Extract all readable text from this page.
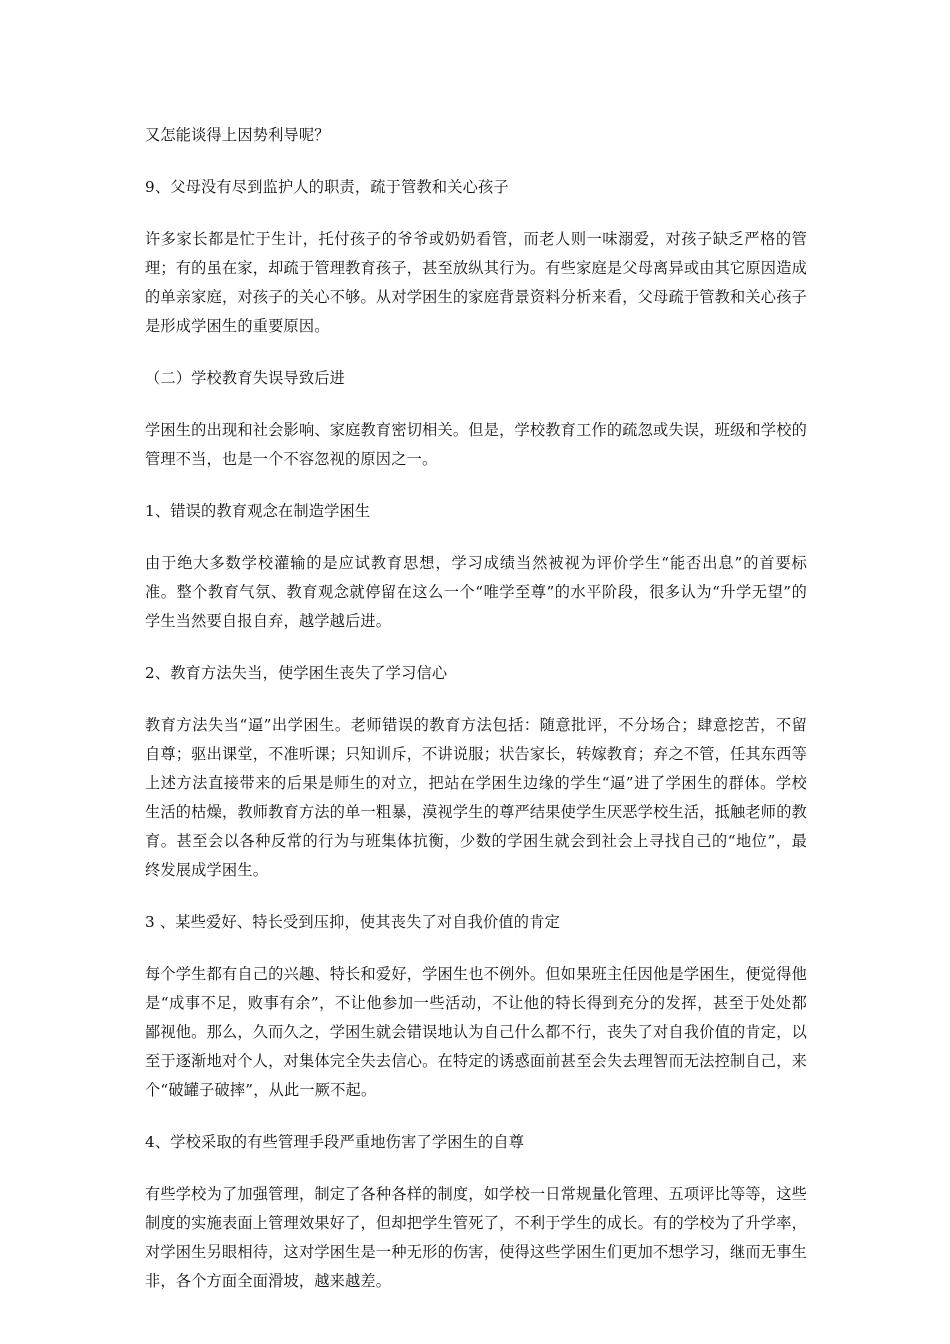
又怎能谈得上因势利导呢？

9、父母没有尽到监护人的职责，疏于管教和关心孩子

许多家长都是忙于生计，托付孩子的爷爷或奶奶看管，而老人则一味溺爱，对孩子缺乏严格的管理；有的虽在家，却疏于管理教育孩子，甚至放纵其行为。有些家庭是父母离异或由其它原因造成的单亲家庭，对孩子的关心不够。从对学困生的家庭背景资料分析来看，父母疏于管教和关心孩子是形成学困生的重要原因。

（二）学校教育失误导致后进

学困生的出现和社会影响、家庭教育密切相关。但是，学校教育工作的疏忽或失误，班级和学校的管理不当，也是一个不容忽视的原因之一。

1、错误的教育观念在制造学困生

由于绝大多数学校灌输的是应试教育思想，学习成绩当然被视为评价学生“能否出息”的首要标准。整个教育气氛、教育观念就停留在这么一个“唯学至尊”的水平阶段，很多认为“升学无望”的学生当然要自报自弃，越学越后进。

2、教育方法失当，使学困生丧失了学习信心

教育方法失当“逼”出学困生。老师错误的教育方法包括：随意批评，不分场合；肆意挖苦，不留自尊；驱出课堂，不准听课；只知训斥，不讲说服；状告家长，转嫁教育；弃之不管，任其东西等上述方法直接带来的后果是师生的对立，把站在学困生边缘的学生“逼”进了学困生的群体。学校生活的枯燥，教师教育方法的单一粗暴，漠视学生的尊严结果使学生厌恶学校生活，抵触老师的教育。甚至会以各种反常的行为与班集体抗衡，少数的学困生就会到社会上寻找自己的“地位”，最终发展成学困生。

3 、某些爱好、特长受到压抑，使其丧失了对自我价值的肯定

每个学生都有自己的兴趣、特长和爱好，学困生也不例外。但如果班主任因他是学困生，便觉得他是“成事不足，败事有余”，不让他参加一些活动，不让他的特长得到充分的发挥，甚至于处处都鄙视他。那么，久而久之，学困生就会错误地认为自己什么都不行，丧失了对自我价值的肯定，以至于逐渐地对个人，对集体完全失去信心。在特定的诱惑面前甚至会失去理智而无法控制自己，来个“破罐子破摔”，从此一厥不起。

4、学校采取的有些管理手段严重地伤害了学困生的自尊

有些学校为了加强管理，制定了各种各样的制度，如学校一日常规量化管理、五项评比等等，这些制度的实施表面上管理效果好了，但却把学生管死了，不利于学生的成长。有的学校为了升学率，对学困生另眼相待，这对学困生是一种无形的伤害，使得这些学困生们更加不想学习，继而无事生非，各个方面全面滑坡，越来越差。
